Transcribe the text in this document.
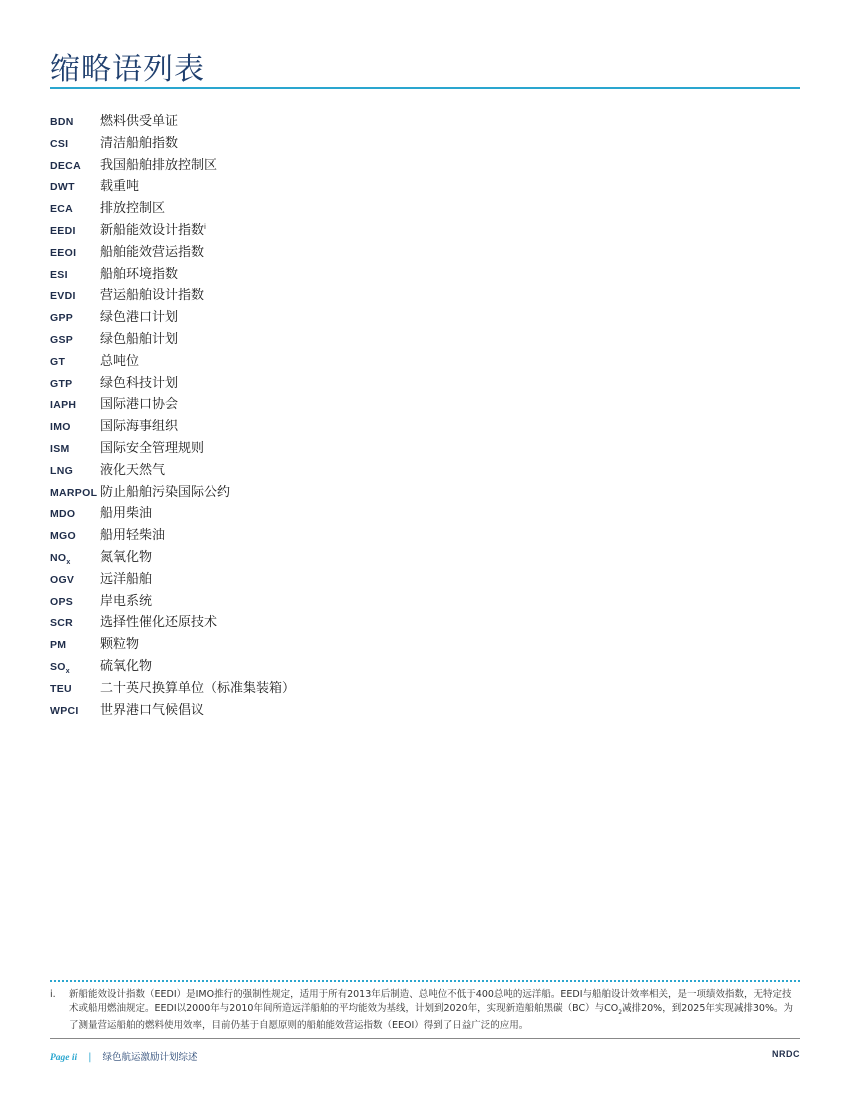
缩略语列表
BDN	燃料供受单证
CSI	清洁船舶指数
DECA	我国船舶排放控制区
DWT	载重吨
ECA	排放控制区
EEDI	新船能效设计指数$^i$
EEOI	船舶能效营运指数
ESI	船舶环境指数
EVDI	营运船舶设计指数
GPP	绿色港口计划
GSP	绿色船舶计划
GT	总吨位
GTP	绿色科技计划
IAPH	国际港口协会
IMO	国际海事组织
ISM	国际安全管理规则
LNG	液化天然气
MARPOL 防止船舶污染国际公约
MDO	船用柴油
MGO	船用轻柴油
$NO_x$	氮氧化物
OGV	远洋船舶
OPS	岸电系统
SCR	选择性催化还原技术
PM	颗粒物
$SO_x$	硫氧化物
TEU	二十英尺换算单位（标准集装箱）
WPCI	世界港口气候倡议
i. 新船能效设计指数（EEDI）是IMO推行的强制性规定，适用于所有2013年后制造、总吨位不低于400总吨的远洋船。EEDI与船舶设计效率相关，是一项绩效指数，无特定技术或船用燃油规定。EEDI以2000年与2010年间所造远洋船舶的平均能效为基线，计划到2020年，实现新造船舶黑碳（BC）与$CO_2$减排20%，到2025年实现减排30%。为了测量营运船舶的燃料使用效率，目前仍基于自愿原则的船舶能效营运指数（EEOI）得到了日益广泛的应用。
Page ii | 绿色航运激励计划综述	NRDC
